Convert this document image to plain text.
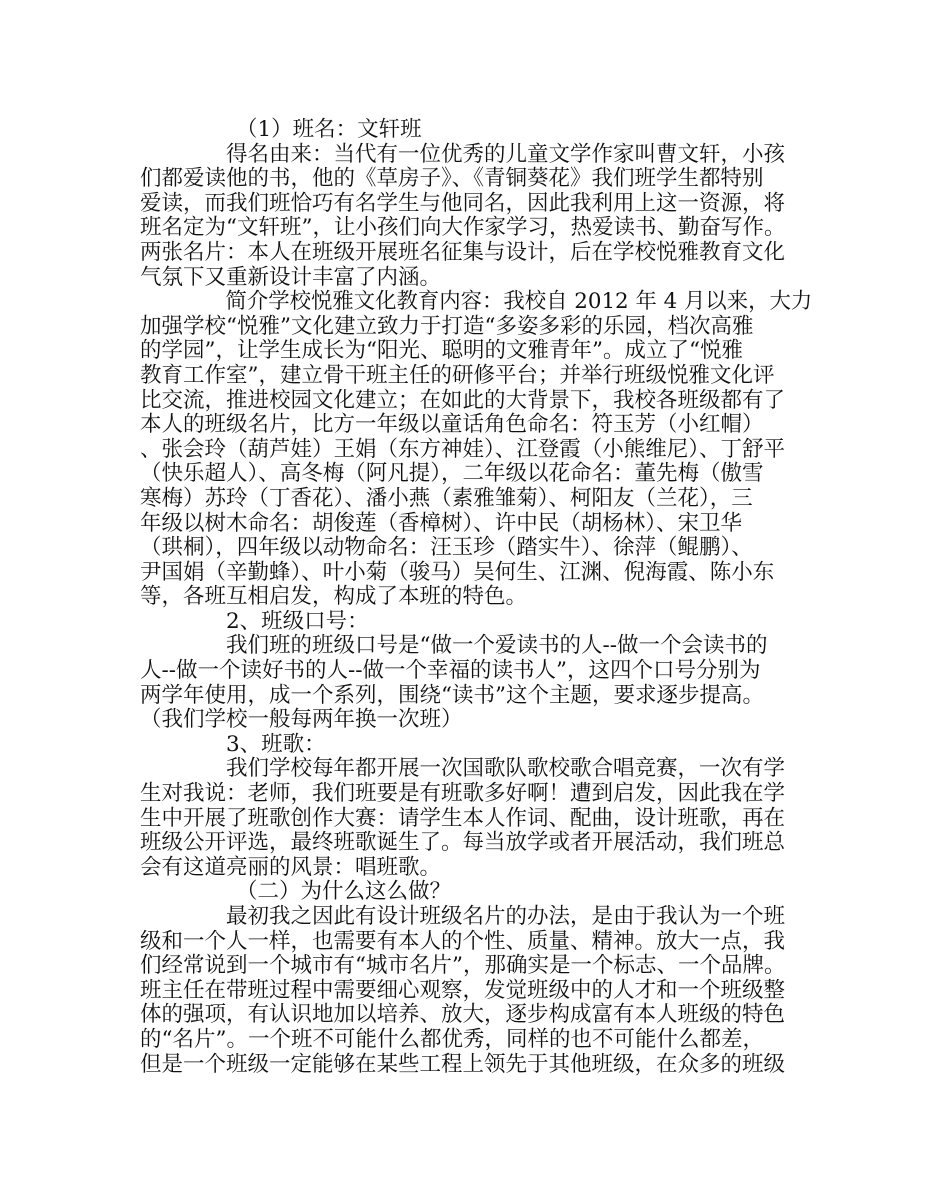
（1）班名：文轩班
得名由来：当代有一位优秀的儿童文学作家叫曹文轩，小孩
们都爱读他的书，他的《草房子》、《青铜葵花》我们班学生都特别
爱读，而我们班恰巧有名学生与他同名，因此我利用上这一资源，将
班名定为“文轩班”，让小孩们向大作家学习，热爱读书、勤奋写作。
两张名片：本人在班级开展班名征集与设计，后在学校悦雅教育文化
气氛下又重新设计丰富了内涵。
简介学校悦雅文化教育内容：我校自 2012 年 4 月以来，大力
加强学校“悦雅”文化建立致力于打造“多姿多彩的乐园，档次高雅
的学园”，让学生成长为“阳光、聪明的文雅青年”。成立了“悦雅
教育工作室”，建立骨干班主任的研修平台；并举行班级悦雅文化评
比交流，推进校园文化建立；在如此的大背景下，我校各班级都有了
本人的班级名片，比方一年级以童话角色命名：符玉芳（小红帽）
、张会玲（葫芦娃）王娟（东方神娃）、江登霞（小熊维尼）、丁舒平
（快乐超人）、高冬梅（阿凡提），二年级以花命名：董先梅（傲雪
寒梅）苏玲（丁香花）、潘小燕（素雅雏菊）、柯阳友（兰花），三
年级以树木命名：胡俊莲（香樟树）、许中民（胡杨林）、宋卫华
（珙桐），四年级以动物命名：汪玉珍（踏实牛）、徐萍（鲲鹏）、
尹国娟（辛勤蜂）、叶小菊（骏马）吴何生、江渊、倪海霞、陈小东
等，各班互相启发，构成了本班的特色。
2、班级口号：
我们班的班级口号是“做一个爱读书的人--做一个会读书的
人--做一个读好书的人--做一个幸福的读书人”，这四个口号分别为
两学年使用，成一个系列，围绕“读书”这个主题，要求逐步提高。
（我们学校一般每两年换一次班）
3、班歌：
我们学校每年都开展一次国歌队歌校歌合唱竞赛，一次有学
生对我说：老师，我们班要是有班歌多好啊！遭到启发，因此我在学
生中开展了班歌创作大赛：请学生本人作词、配曲，设计班歌，再在
班级公开评选，最终班歌诞生了。每当放学或者开展活动，我们班总
会有这道亮丽的风景：唱班歌。
（二）为什么这么做？
最初我之因此有设计班级名片的办法，是由于我认为一个班
级和一个人一样，也需要有本人的个性、质量、精神。放大一点，我
们经常说到一个城市有“城市名片”，那确实是一个标志、一个品牌。
班主任在带班过程中需要细心观察，发觉班级中的人才和一个班级整
体的强项，有认识地加以培养、放大，逐步构成富有本人班级的特色
的“名片”。一个班不可能什么都优秀，同样的也不可能什么都差，
但是一个班级一定能够在某些工程上领先于其他班级，在众多的班级
